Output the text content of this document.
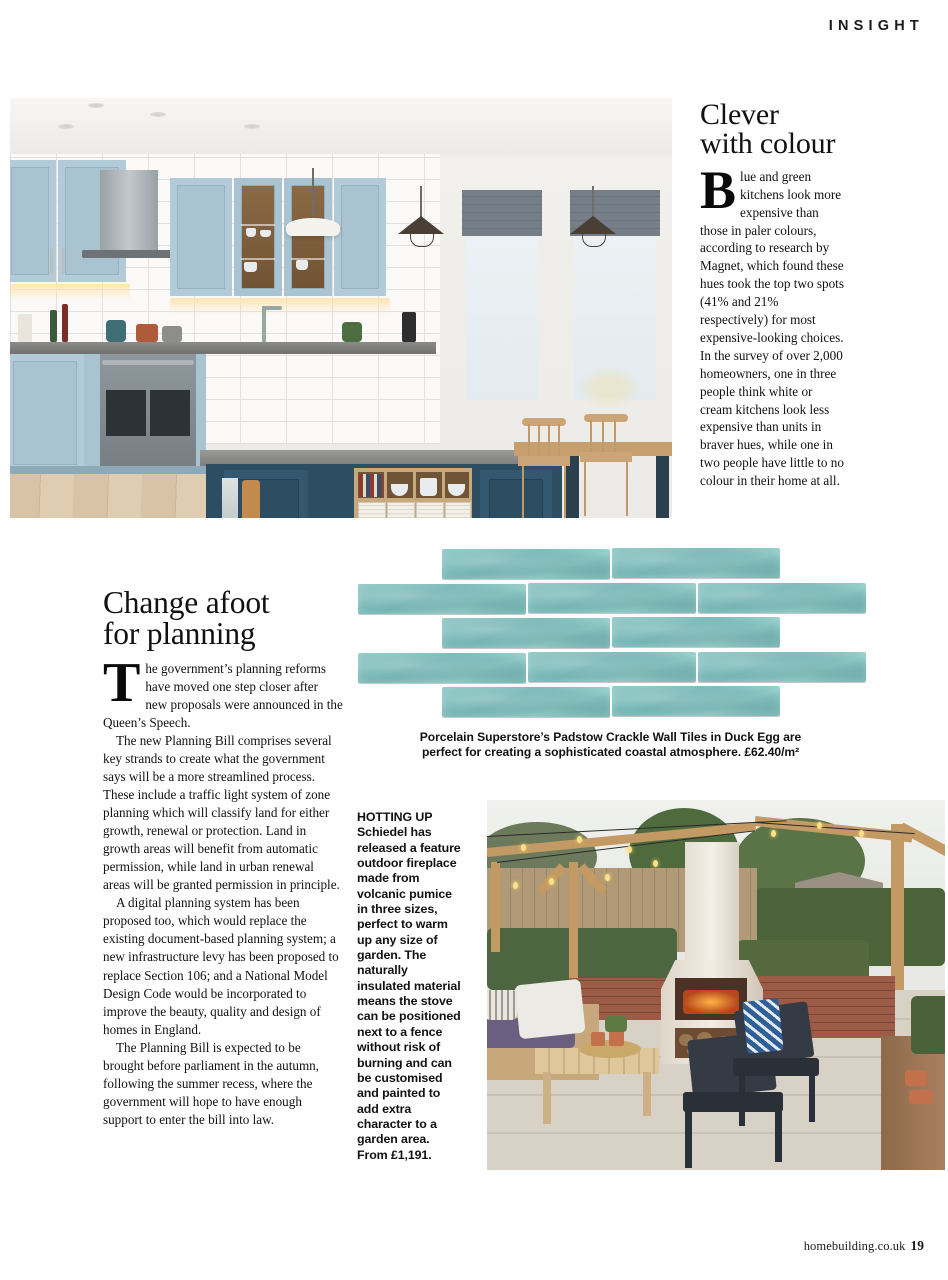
INSIGHT
Clever
with colour
Blue and green kitchens look more expensive than those in paler colours, according to research by Magnet, which found these hues took the top two spots (41% and 21% respectively) for most expensive-looking choices. In the survey of over 2,000 homeowners, one in three people think white or cream kitchens look less expensive than units in braver hues, while one in two people have little to no colour in their home at all.
Change afoot
for planning

The government’s planning reforms have moved one step closer after new proposals were announced in the Queen’s Speech.

The new Planning Bill comprises several key strands to create what the government says will be a more streamlined process. These include a traffic light system of zone planning which will classify land for either growth, renewal or protection. Land in growth areas will benefit from automatic permission, while land in urban renewal areas will be granted permission in principle.

A digital planning system has been proposed too, which would replace the existing document-based planning system; a new infrastructure levy has been proposed to replace Section 106; and a National Model Design Code would be incorporated to improve the beauty, quality and design of homes in England.

The Planning Bill is expected to be brought before parliament in the autumn, following the summer recess, where the government will hope to have enough support to enter the bill into law.

Porcelain Superstore’s Padstow Crackle Wall Tiles in Duck Egg are perfect for creating a sophisticated coastal atmosphere. £62.40/m²
HOTTING UP
Schiedel has released a feature outdoor fireplace made from volcanic pumice in three sizes, perfect to warm up any size of garden. The naturally insulated material means the stove can be positioned next to a fence without risk of burning and can be customised and painted to add extra character to a garden area. From £1,191.
homebuilding.co.uk 19
